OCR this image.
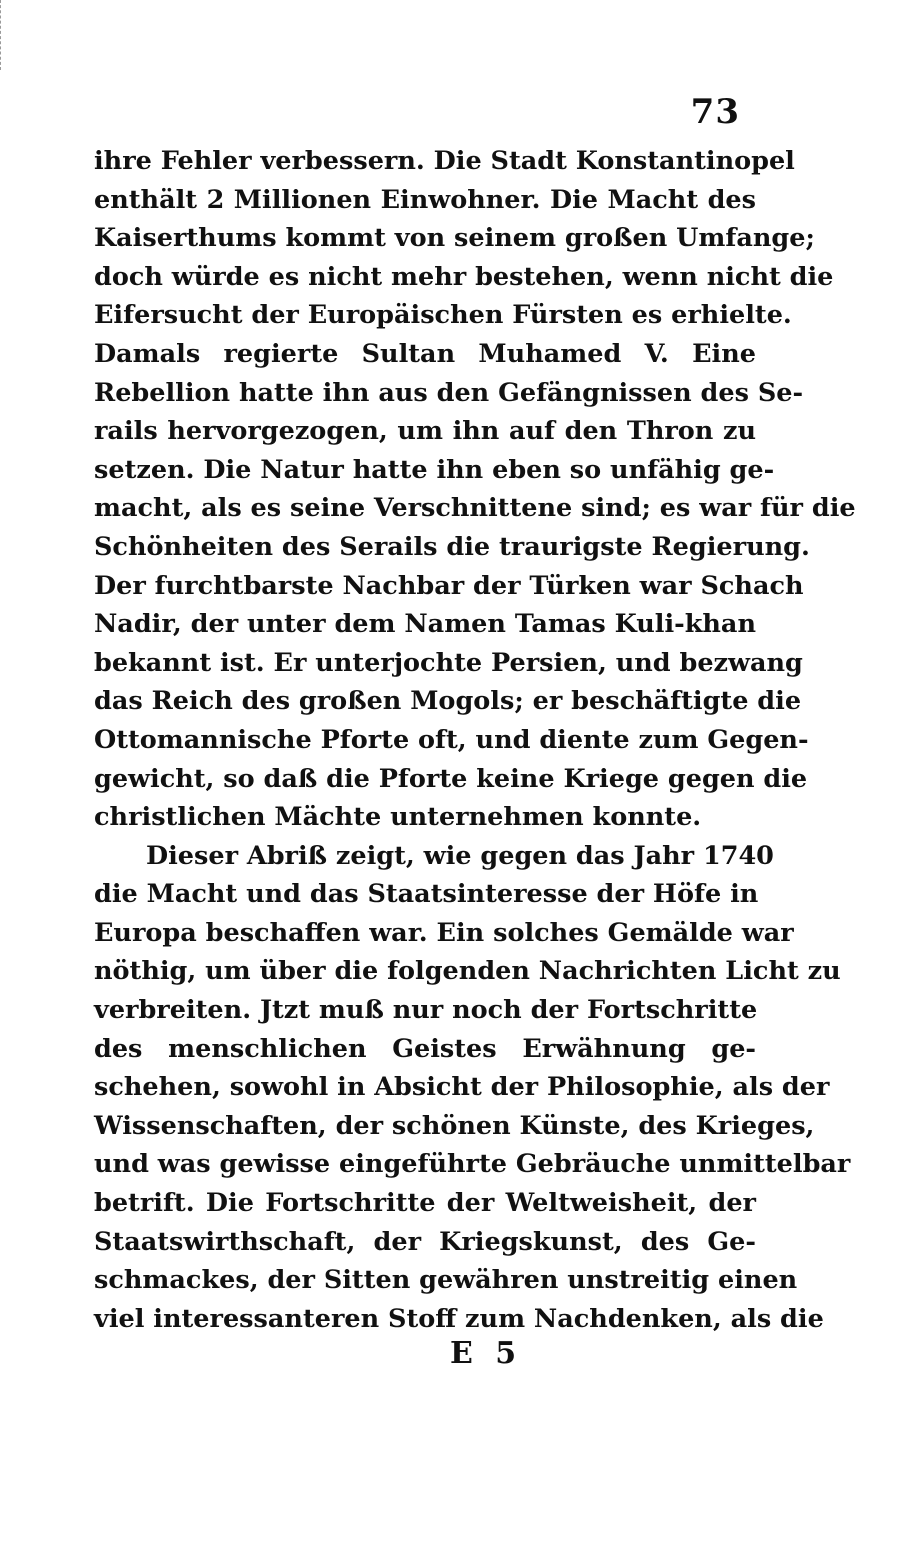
73
ihre Fehler verbessern. Die Stadt Konstantinopel
enthält 2 Millionen Einwohner. Die Macht des
Kaiserthums kommt von seinem großen Umfange;
doch würde es nicht mehr bestehen, wenn nicht die
Eifersucht der Europäischen Fürsten es erhielte.
Damals regierte Sultan Muhamed V. Eine
Rebellion hatte ihn aus den Gefängnissen des Se-
rails hervorgezogen, um ihn auf den Thron zu
setzen. Die Natur hatte ihn eben so unfähig ge-
macht, als es seine Verschnittene sind; es war für die
Schönheiten des Serails die traurigste Regierung.
Der furchtbarste Nachbar der Türken war Schach
Nadir, der unter dem Namen Tamas Kuli-khan
bekannt ist. Er unterjochte Persien, und bezwang
das Reich des großen Mogols; er beschäftigte die
Ottomannische Pforte oft, und diente zum Gegen-
gewicht, so daß die Pforte keine Kriege gegen die
christlichen Mächte unternehmen konnte.
Dieser Abriß zeigt, wie gegen das Jahr 1740
die Macht und das Staatsinteresse der Höfe in
Europa beschaffen war. Ein solches Gemälde war
nöthig, um über die folgenden Nachrichten Licht zu
verbreiten. Jtzt muß nur noch der Fortschritte
des menschlichen Geistes Erwähnung ge-
schehen, sowohl in Absicht der Philosophie, als der
Wissenschaften, der schönen Künste, des Krieges,
und was gewisse eingeführte Gebräuche unmittelbar
betrift. Die Fortschritte der Weltweisheit, der
Staatswirthschaft, der Kriegskunst, des Ge-
schmackes, der Sitten gewähren unstreitig einen
viel interessanteren Stoff zum Nachdenken, als die
E 5
